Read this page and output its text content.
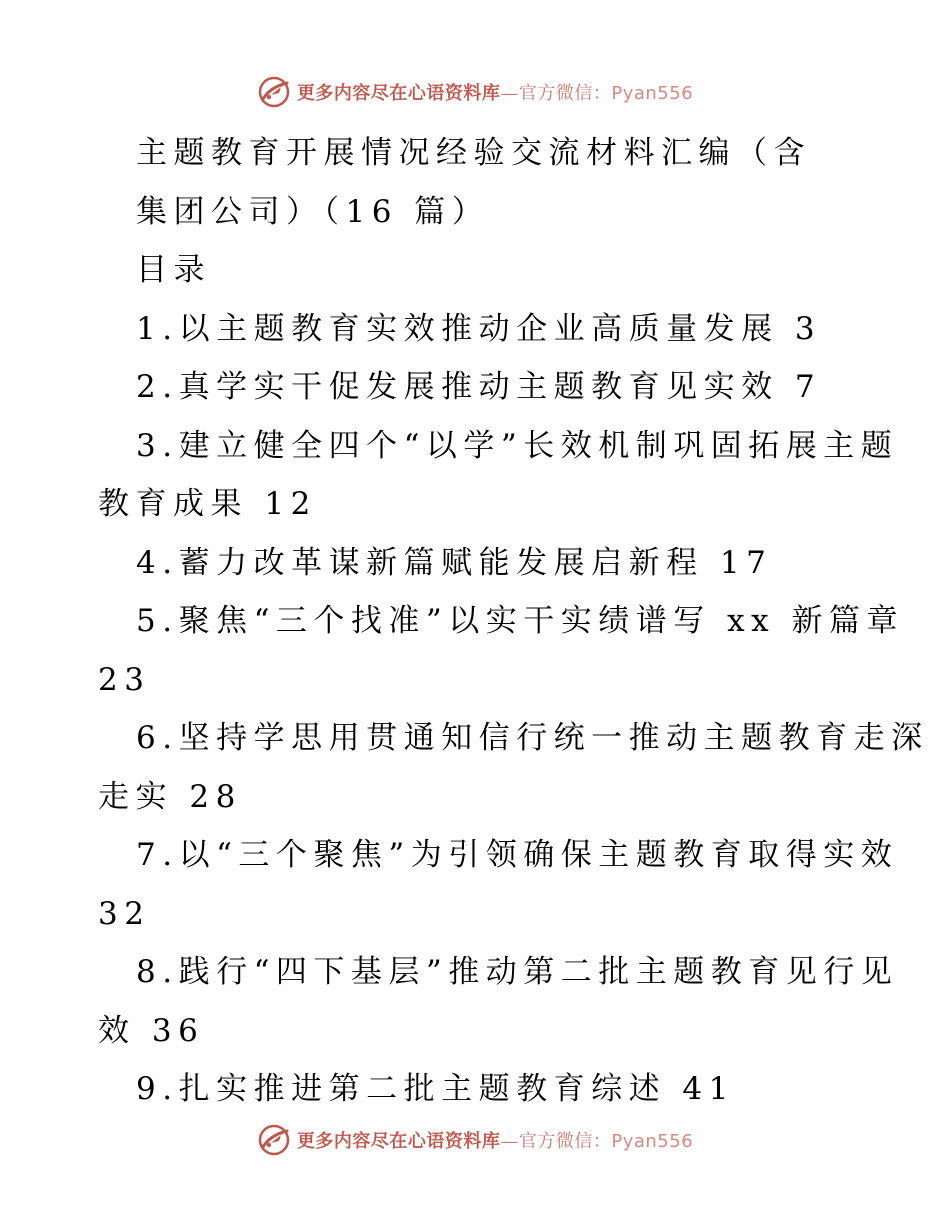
更多内容尽在心语资料库—官方微信：Pyan556
主题教育开展情况经验交流材料汇编（含
集团公司）（16 篇）
目录
1.以主题教育实效推动企业高质量发展 3
2.真学实干促发展推动主题教育见实效 7
3.建立健全四个“以学”长效机制巩固拓展主题
教育成果 12
4.蓄力改革谋新篇赋能发展启新程 17
5.聚焦“三个找准”以实干实绩谱写 xx 新篇章
23
6.坚持学思用贯通知信行统一推动主题教育走深
走实 28
7.以“三个聚焦”为引领确保主题教育取得实效
32
8.践行“四下基层”推动第二批主题教育见行见
效 36
9.扎实推进第二批主题教育综述 41
更多内容尽在心语资料库—官方微信：Pyan556
